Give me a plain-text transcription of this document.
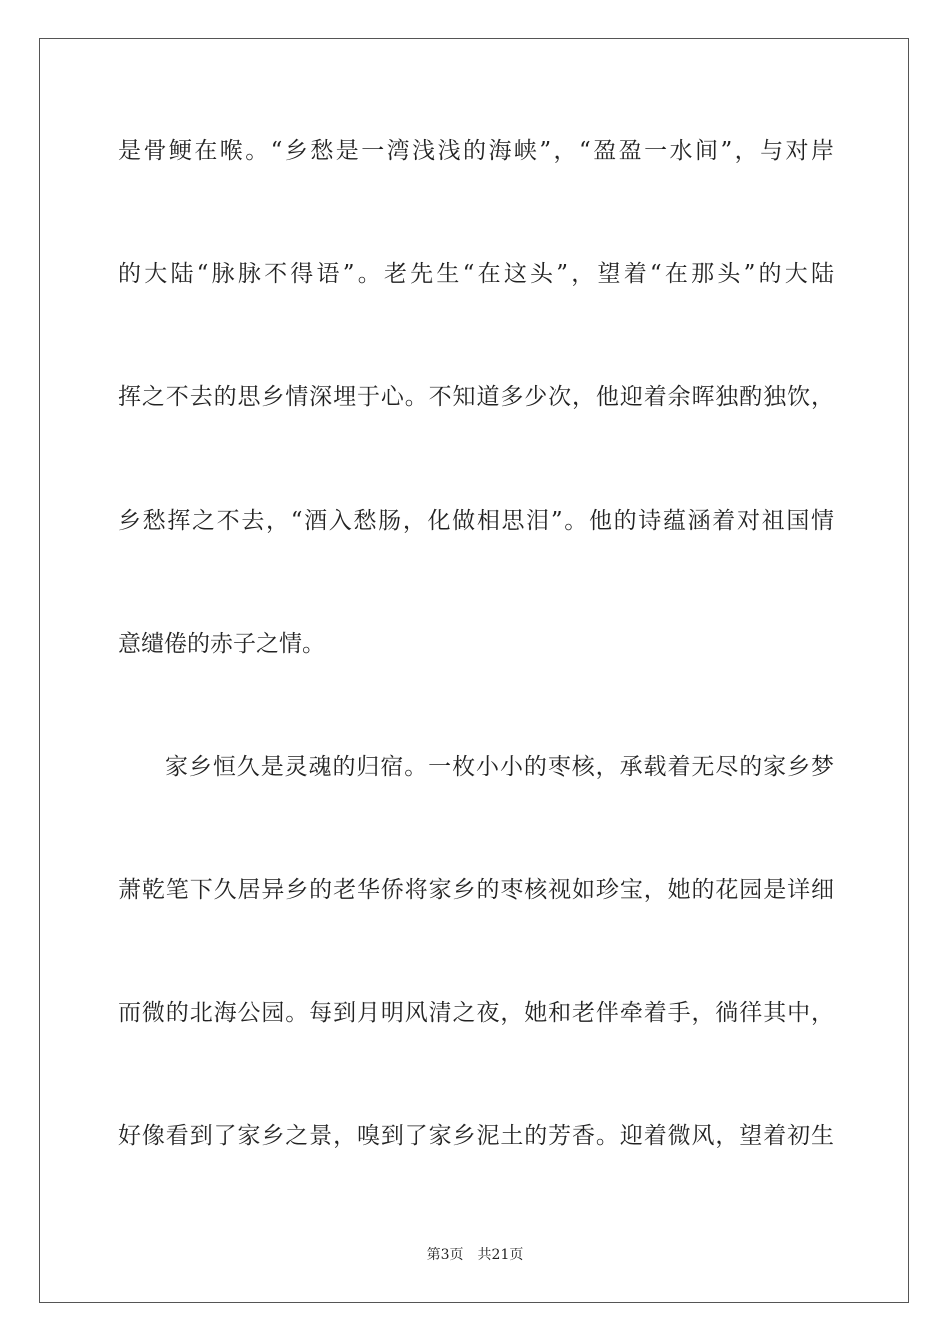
是骨鲠在喉。“乡愁是一湾浅浅的海峡”，“盈盈一水间”，与对岸
的大陆“脉脉不得语”。老先生“在这头”，望着“在那头”的大陆
挥之不去的思乡情深埋于心。不知道多少次，他迎着余晖独酌独饮，
乡愁挥之不去，“酒入愁肠，化做相思泪”。他的诗蕴涵着对祖国情
意缱倦的赤子之情。
家乡恒久是灵魂的归宿。一枚小小的枣核，承载着无尽的家乡梦
萧乾笔下久居异乡的老华侨将家乡的枣核视如珍宝，她的花园是详细
而微的北海公园。每到月明风清之夜，她和老伴牵着手，徜徉其中，
好像看到了家乡之景，嗅到了家乡泥土的芳香。迎着微风，望着初生
第3页　共21页
